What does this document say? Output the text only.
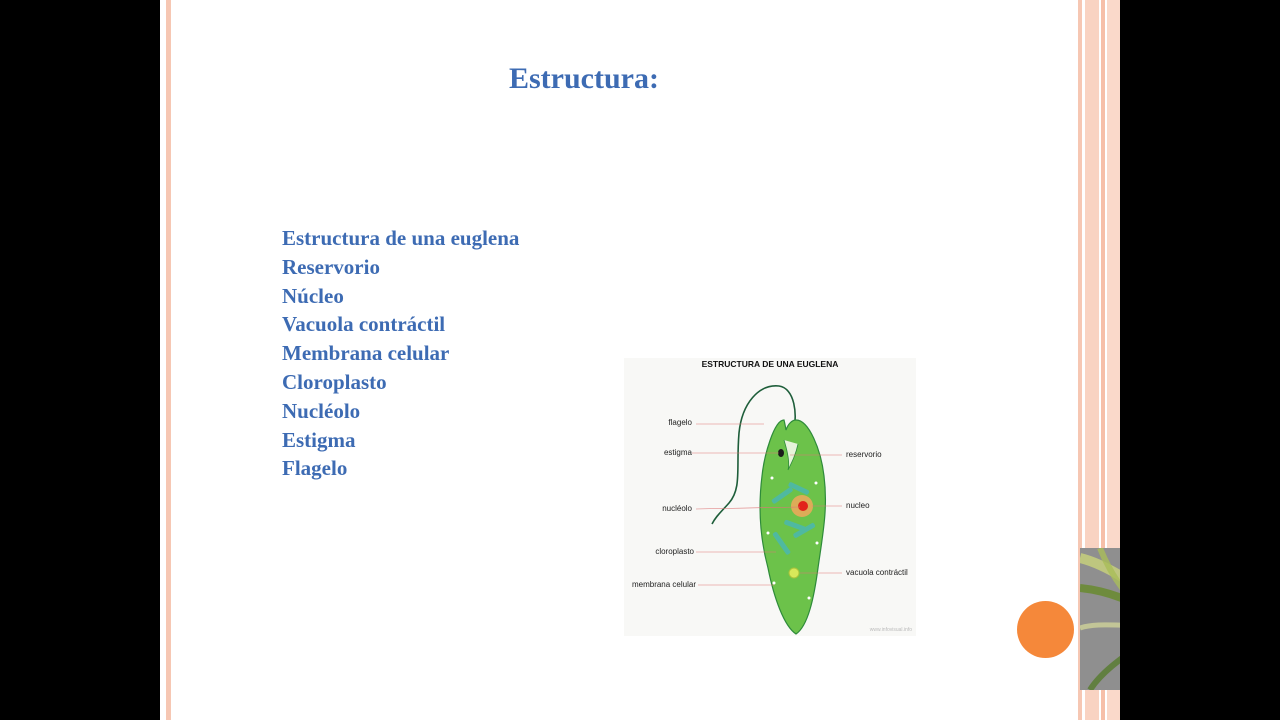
Estructura:
Estructura de una euglena
Reservorio
Núcleo
Vacuola contráctil
Membrana celular
Cloroplasto
Nucléolo
Estigma
Flagelo
ESTRUCTURA DE UNA EUGLENA
flagelo
estigma
nucléolo
cloroplasto
membrana celular
reservorio
nucleo
vacuola contráctil
www.infovisual.info
